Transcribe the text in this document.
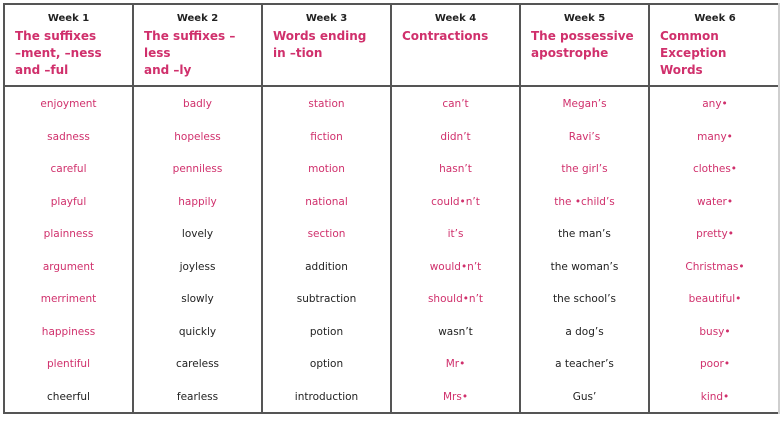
Week 1
The suffixes
–ment, –ness
and –ful
Week 2
The suffixes –less
and –ly
Week 3
Words ending
in –tion
Week 4
Contractions
Week 5
The possessive
apostrophe
Week 6
Common Exception
Words
enjoyment
sadness
careful
playful
plainness
argument
merriment
happiness
plentiful
cheerful
badly
hopeless
penniless
happily
lovely
joyless
slowly
quickly
careless
fearless
station
fiction
motion
national
section
addition
subtraction
potion
option
introduction
can’t
didn’t
hasn’t
could•n’t
it’s
would•n’t
should•n’t
wasn’t
Mr•
Mrs•
Megan’s
Ravi’s
the girl’s
the •child’s
the man’s
the woman’s
the school’s
a dog’s
a teacher’s
Gus’
any•
many•
clothes•
water•
pretty•
Christmas•
beautiful•
busy•
poor•
kind•
